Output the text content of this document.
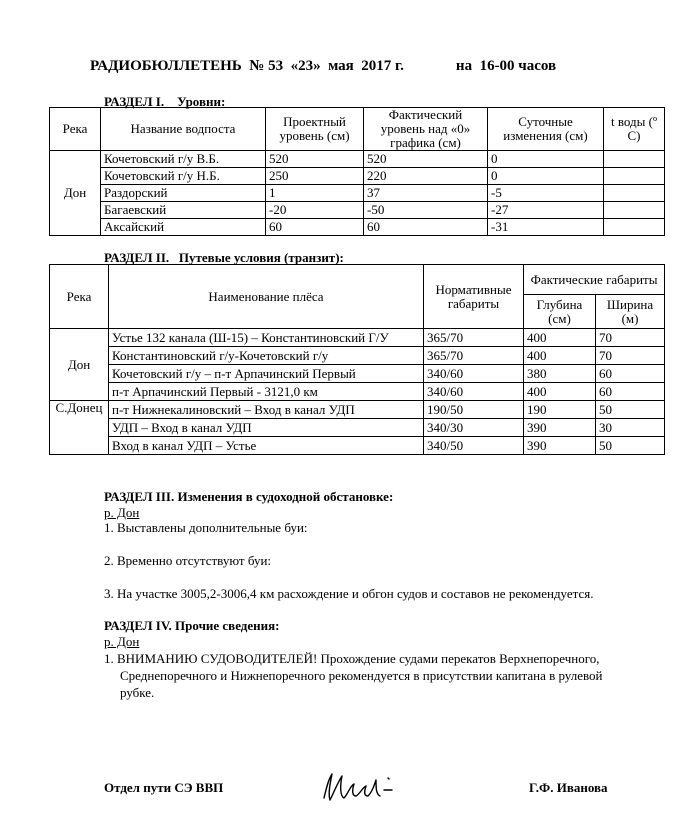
РАДИОБЮЛЛЕТЕНЬ  № 53  «23»  мая  2017 г.	на  16-00 часов
РАЗДЕЛ I.    Уровни:
Река	Название водпоста	Проектный уровень (см)	Фактический уровень над «0» графика (см)	Суточные изменения (см)	t воды (º С)
Дон	Кочетовский г/у В.Б.	520	520	0	
	Кочетовский г/у Н.Б.	250	220	0	
	Раздорский	1	37	-5	
	Багаевский	-20	-50	-27	
	Аксайский	60	60	-31	
РАЗДЕЛ II.   Путевые условия (транзит):
Река	Наименование плёса	Нормативные габариты	Фактические габариты	
			Глубина (см)	Ширина (м)
Дон	Устье 132 канала (Ш-15) – Константиновский Г/У	365/70	400	70
	Константиновский г/у-Кочетовский г/у	365/70	400	70
	Кочетовский г/у – п-т Арпачинский Первый	340/60	380	60
	п-т Арпачинский Первый - 3121,0 км	340/60	400	60
С.Донец	п-т Нижнекалиновский – Вход в канал УДП	190/50	190	50
	УДП – Вход в канал УДП	340/30	390	30
	Вход в канал УДП – Устье	340/50	390	50
РАЗДЕЛ III. Изменения в судоходной обстановке:
р. Дон
1. Выставлены дополнительные буи:
2. Временно отсутствуют буи:
3. На участке 3005,2-3006,4 км расхождение и обгон судов и составов не рекомендуется.
РАЗДЕЛ IV. Прочие сведения:
р. Дон
1. ВНИМАНИЮ СУДОВОДИТЕЛЕЙ! Прохождение судами перекатов Верхнепоречного,
Среднепоречного и Нижнепоречного рекомендуется в присутствии капитана в рулевой
рубке.
Отдел пути СЭ ВВП	Г.Ф. Иванова
